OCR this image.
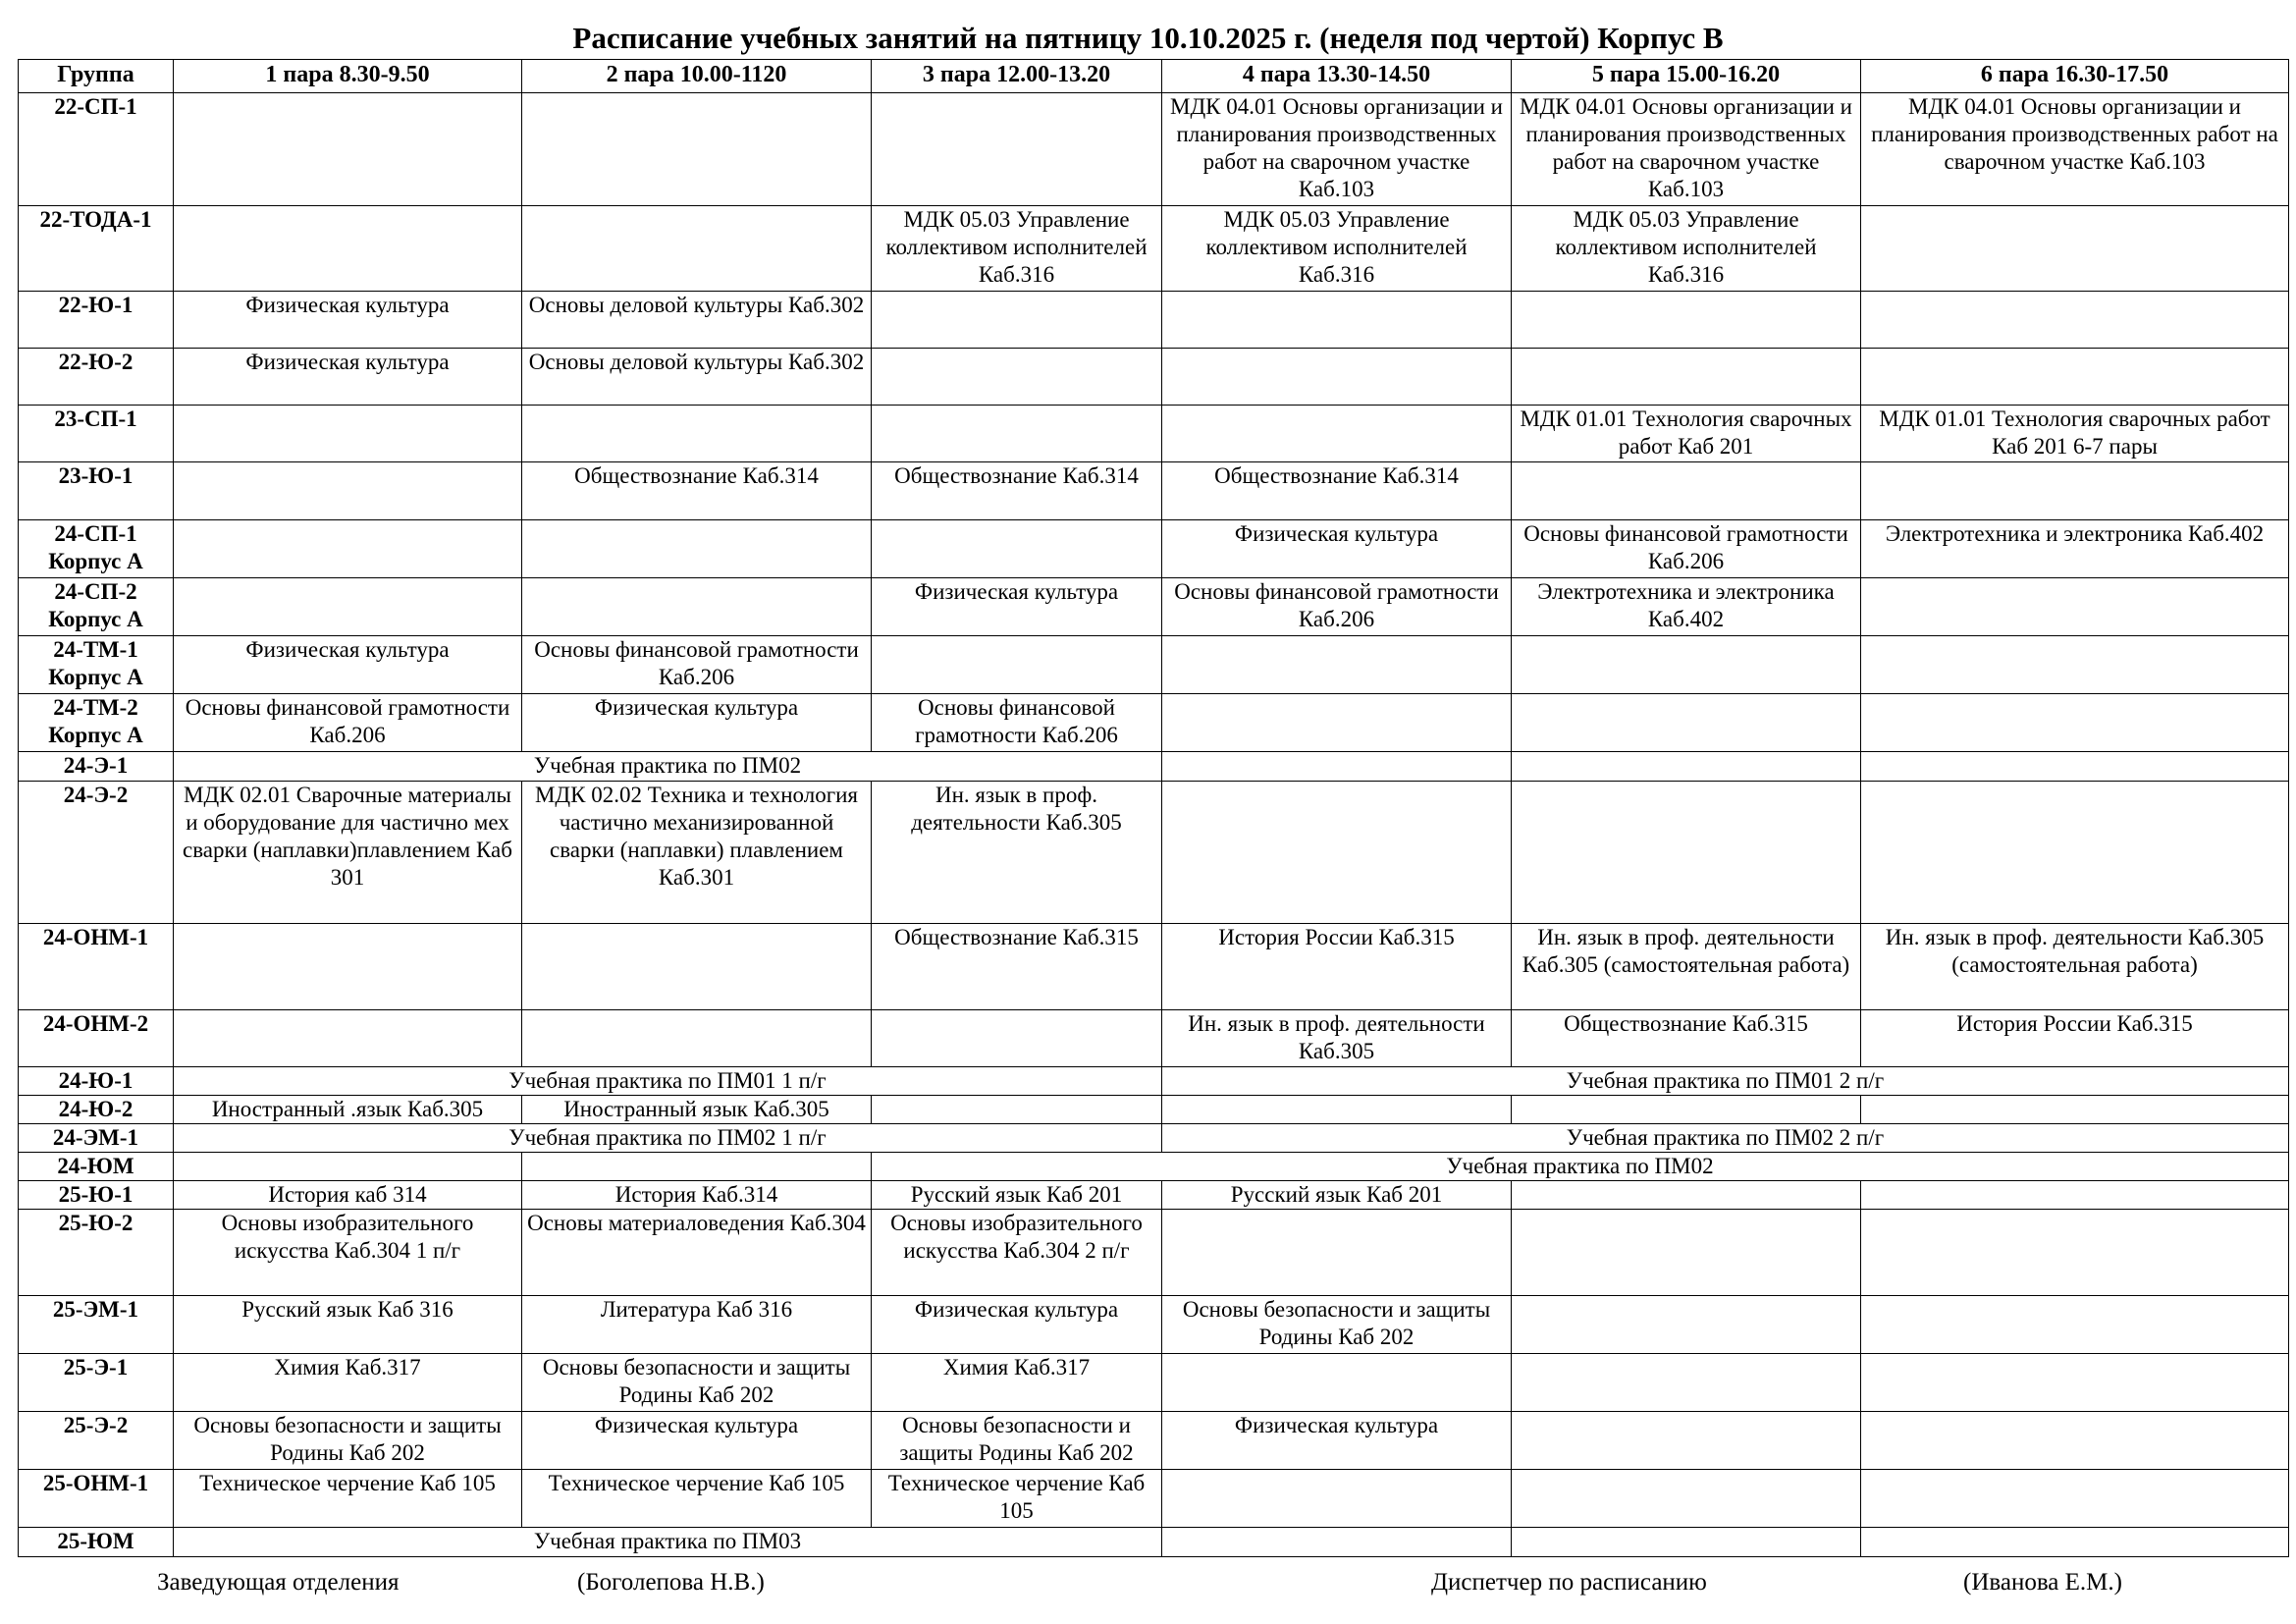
Расписание учебных занятий на пятницу 10.10.2025 г. (неделя под чертой) Корпус В
Группа	1 пара 8.30-9.50	2 пара 10.00-1120	3 пара 12.00-13.20	4 пара 13.30-14.50	5 пара 15.00-16.20	6 пара 16.30-17.50
22-СП-1				МДК 04.01 Основы организации и планирования производственных работ на сварочном участке Каб.103	МДК 04.01 Основы организации и планирования производственных работ на сварочном участке Каб.103	МДК 04.01 Основы организации и планирования производственных работ на сварочном участке Каб.103
22-ТОДА-1			МДК 05.03 Управление коллективом исполнителей Каб.316	МДК 05.03 Управление коллективом исполнителей Каб.316	МДК 05.03 Управление коллективом исполнителей Каб.316	
22-Ю-1	Физическая культура	Основы деловой культуры Каб.302				
22-Ю-2	Физическая культура	Основы деловой культуры Каб.302				
23-СП-1					МДК 01.01 Технология сварочных работ Каб 201	МДК 01.01 Технология сварочных работ Каб 201 6-7 пары
23-Ю-1		Обществознание Каб.314	Обществознание Каб.314	Обществознание Каб.314		
24-СП-1 Корпус А				Физическая культура	Основы финансовой грамотности Каб.206	Электротехника и электроника Каб.402
24-СП-2 Корпус А			Физическая культура	Основы финансовой грамотности Каб.206	Электротехника и электроника Каб.402	
24-ТМ-1 Корпус А	Физическая культура	Основы финансовой грамотности Каб.206				
24-ТМ-2 Корпус А	Основы финансовой грамотности Каб.206	Физическая культура	Основы финансовой грамотности Каб.206			
24-Э-1	Учебная практика по ПМ02					
24-Э-2	МДК 02.01 Сварочные материалы и оборудование для частично мех сварки (наплавки)плавлением Каб 301	МДК 02.02 Техника и технология частично механизированной сварки (наплавки) плавлением Каб.301	Ин. язык в проф. деятельности Каб.305			
24-ОНМ-1			Обществознание Каб.315	История России Каб.315	Ин. язык в проф. деятельности Каб.305 (самостоятельная работа)	Ин. язык в проф. деятельности Каб.305 (самостоятельная работа)
24-ОНМ-2				Ин. язык в проф. деятельности Каб.305	Обществознание Каб.315	История России Каб.315
24-Ю-1	Учебная практика по ПМ01 1 п/г			Учебная практика по ПМ01 2 п/г		
24-Ю-2	Иностранный .язык Каб.305	Иностранный язык Каб.305				
24-ЭМ-1	Учебная практика по ПМ02 1 п/г			Учебная практика по ПМ02 2 п/г		
24-ЮМ			Учебная практика по ПМ02			
25-Ю-1	История каб 314	История Каб.314	Русский язык Каб 201	Русский язык Каб 201		
25-Ю-2	Основы изобразительного искусства Каб.304 1 п/г	Основы материаловедения Каб.304	Основы изобразительного искусства Каб.304 2 п/г			
25-ЭМ-1	Русский язык Каб 316	Литература Каб 316	Физическая культура	Основы безопасности и защиты Родины Каб 202		
25-Э-1	Химия Каб.317	Основы безопасности и защиты Родины Каб 202	Химия Каб.317			
25-Э-2	Основы безопасности и защиты Родины Каб 202	Физическая культура	Основы безопасности и защиты Родины Каб 202	Физическая культура		
25-ОНМ-1	Техническое черчение Каб 105	Техническое черчение Каб 105	Техническое черчение Каб 105			
25-ЮМ	Учебная практика по ПМ03					
Заведующая отделения	(Боголепова Н.В.)	Диспетчер по расписанию	(Иванова Е.М.)
